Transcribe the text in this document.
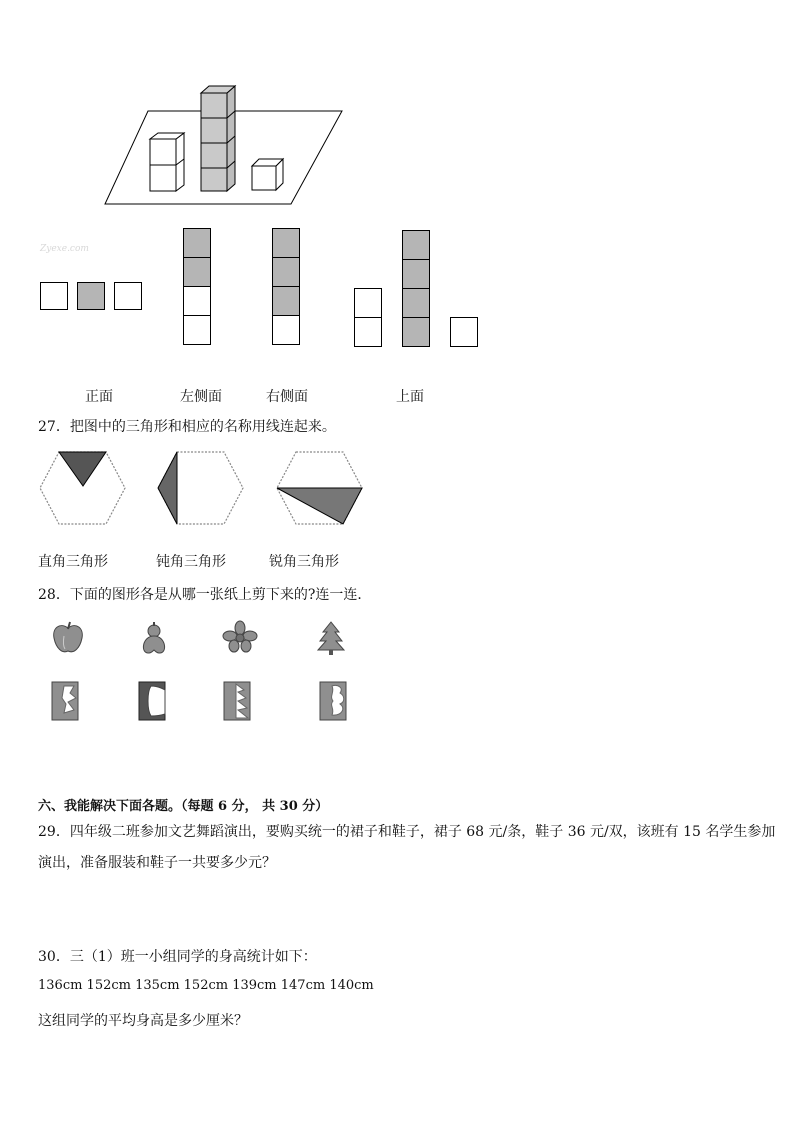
Zyexe.com
正面	左侧面	右侧面	上面
27．把图中的三角形和相应的名称用线连起来。
直角三角形	钝角三角形	锐角三角形
28．下面的图形各是从哪一张纸上剪下来的?连一连．
六、我能解决下面各题。（每题 6 分， 共 30 分）
29．四年级二班参加文艺舞蹈演出，要购买统一的裙子和鞋子，裙子 68 元/条，鞋子 36 元/双，该班有 15 名学生参加
演出，准备服装和鞋子一共要多少元？
30．三（1）班一小组同学的身高统计如下：
136cm 152cm 135cm 152cm 139cm 147cm 140cm
这组同学的平均身高是多少厘米？
